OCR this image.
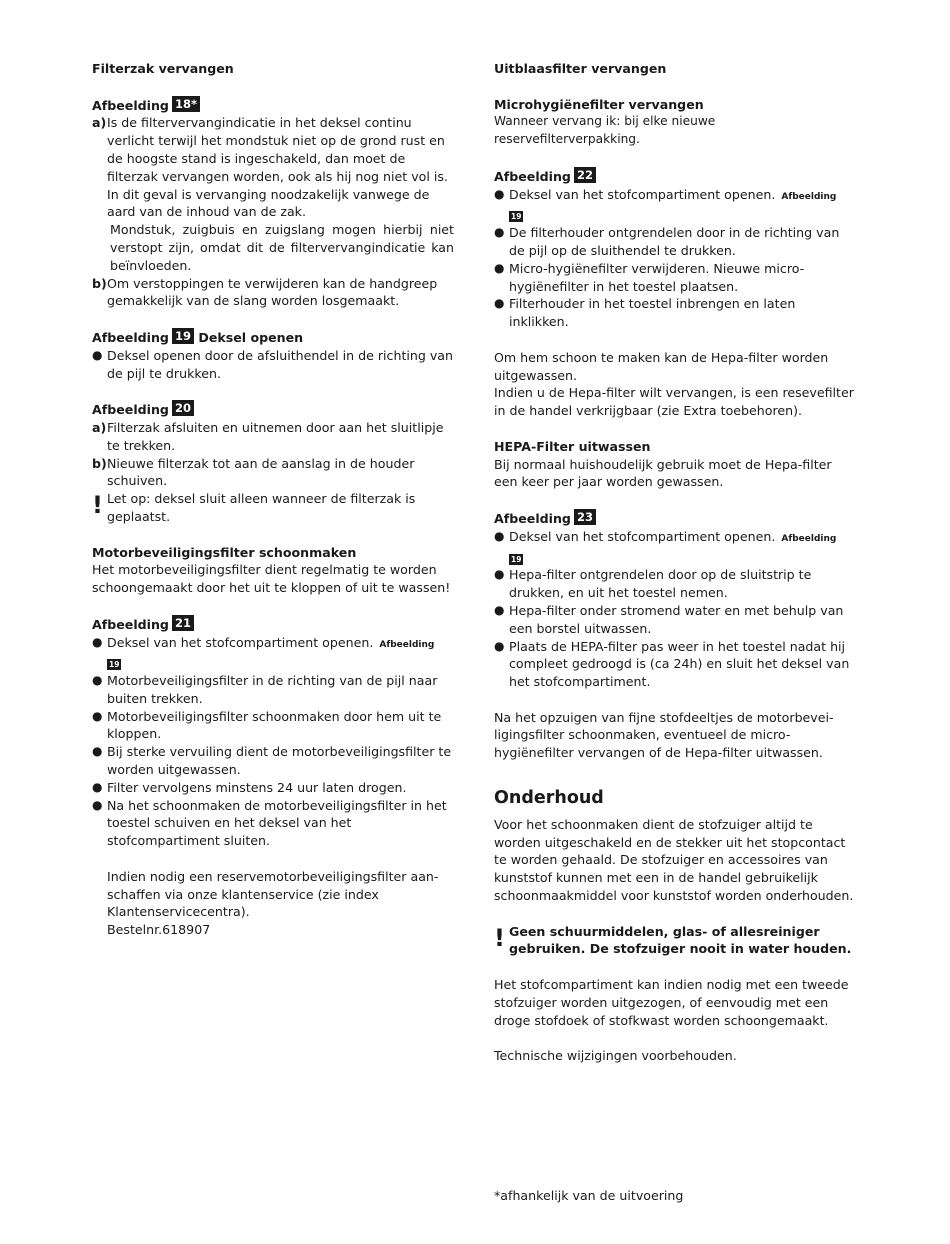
Filterzak vervangen

Afbeelding 18*

a) Is de filtervervangindicatie in het deksel continu verlicht terwijl het mondstuk niet op de grond rust en de hoogste stand is ingeschakeld, dan moet de filterzak vervangen worden, ook als hij nog niet vol is. In dit geval is vervanging noodzakelijk vanwege de aard van de inhoud van de zak.
Mondstuk, zuigbuis en zuigslang mogen hierbij niet verstopt zijn, omdat dit de filtervervangindicatie kan beïnvloeden.
b) Om verstoppingen te verwijderen kan de handgreep gemakkelijk van de slang worden losgemaakt.

Afbeelding 19 Deksel openen

● Deksel openen door de afsluithendel in de richting van de pijl te drukken.

Afbeelding 20

a) Filterzak afsluiten en uitnemen door aan het sluitlipje te trekken.
b) Nieuwe filterzak tot aan de aanslag in de houder schuiven.
! Let op: deksel sluit alleen wanneer de filterzak is geplaatst.

Motorbeveiligingsfilter schoonmaken

Het motorbeveiligingsfilter dient regelmatig te worden schoongemaakt door het uit te kloppen of uit te wassen!

Afbeelding 21

● Deksel van het stofcompartiment openen. Afbeelding
19
● Motorbeveiligingsfilter in de richting van de pijl naar buiten trekken.
● Motorbeveiligingsfilter schoonmaken door hem uit te kloppen.
● Bij sterke vervuiling dient de motorbeveiligingsfilter te worden uitgewassen.
● Filter vervolgens minstens 24 uur laten drogen.
● Na het schoonmaken de motorbeveiligingsfilter in het toestel schuiven en het deksel van het stofcompartiment sluiten.
Indien nodig een reservemotorbeveiligingsfilter aan-schaffen via onze klantenservice (zie index Klantenservicecentra).
Bestelnr.618907

Uitblaasfilter vervangen

Microhygiënefilter vervangen

Wanneer vervang ik: bij elke nieuwe reservefilterverpakking.

Afbeelding 22

● Deksel van het stofcompartiment openen. Afbeelding
19
● De filterhouder ontgrendelen door in de richting van de pijl op de sluithendel te drukken.
● Micro-hygiënefilter verwijderen. Nieuwe micro-hygiënefilter in het toestel plaatsen.
● Filterhouder in het toestel inbrengen en laten inklikken.

Om hem schoon te maken kan de Hepa-filter worden uitgewassen.

Indien u de Hepa-filter wilt vervangen, is een resevefilter in de handel verkrijgbaar (zie Extra toebehoren).

HEPA-Filter uitwassen

Bij normaal huishoudelijk gebruik moet de Hepa-filter een keer per jaar worden gewassen.

Afbeelding 23

● Deksel van het stofcompartiment openen. Afbeelding
19
● Hepa-filter ontgrendelen door op de sluitstrip te drukken, en uit het toestel nemen.
● Hepa-filter onder stromend water en met behulp van een borstel uitwassen.
● Plaats de HEPA-filter pas weer in het toestel nadat hij compleet gedroogd is (ca 24h) en sluit het deksel van het stofcompartiment.

Na het opzuigen van fijne stofdeeltjes de motorbevei-ligingsfilter schoonmaken, eventueel de micro-hygiënefilter vervangen of de Hepa-filter uitwassen.

Onderhoud

Voor het schoonmaken dient de stofzuiger altijd te worden uitgeschakeld en de stekker uit het stopcontact te worden gehaald. De stofzuiger en accessoires van kunststof kunnen met een in de handel gebruikelijk schoonmaakmiddel voor kunststof worden onderhouden.

! Geen schuurmiddelen, glas- of allesreiniger gebruiken. De stofzuiger nooit in water houden.

Het stofcompartiment kan indien nodig met een tweede stofzuiger worden uitgezogen, of eenvoudig met een droge stofdoek of stofkwast worden schoongemaakt.

Technische wijzigingen voorbehouden.

*afhankelijk van de uitvoering
